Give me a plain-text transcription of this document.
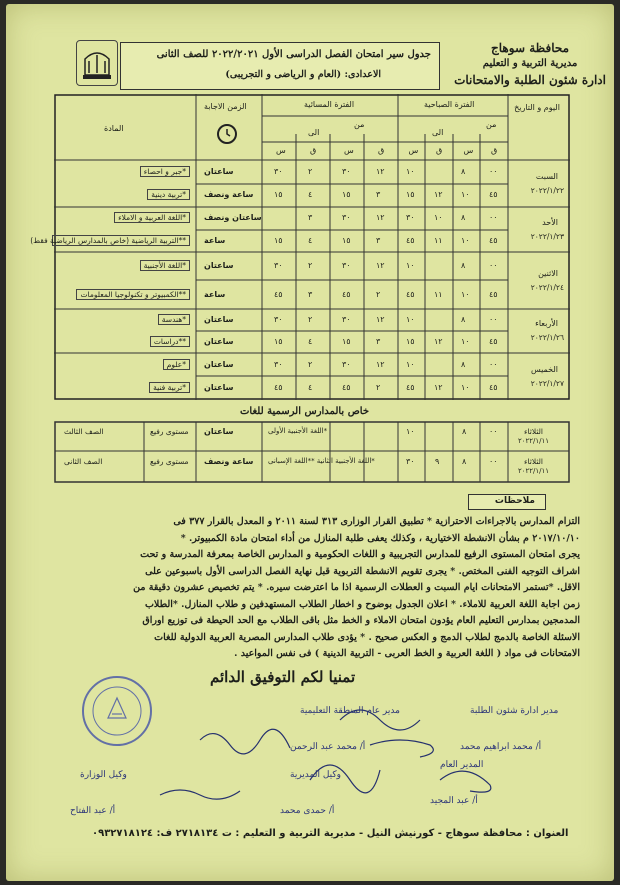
محافظة سوهاج
مديرية التربية و التعليم
ادارة شئون الطلبة والامتحانات
جدول سير امتحان الفصل الدراسى الأول ٢٠٢٢/٢٠٢١ للصف الثانى
الاعدادى: (العام و الرياضى و التجريبى)
اليوم و التاريخ
الفترة الصباحية
الفترة المسائية
الزمن الاجابة
المادة	من
الى
من
الى
ق
س
ق
س
ق
س
ق
س
السبت
٢٠٢٢/١/٢٢
٠٠
٨
١٠
١٢
٣٠
٢
٣٠
ساعتان
*جبر و احصاء
٤٥
١٠
١٢
١٥
٣
١٥
٤
١٥
ساعة ونصف
*تربية دينية
الأحد
٢٠٢٢/١/٢٣
٠٠
٨
١٠
٣٠
١٢
٣٠
٣
ساعتان ونصف
*اللغة العربية و الاملاء
٤٥
١٠
١١
٤٥
٣
١٥
٤
١٥
ساعة
**التربية الرياضية (خاص بالمدارس الرياضية فقط)
الاثنين
٢٠٢٢/١/٢٤
٠٠
٨
١٠
١٢
٣٠
٢
٣٠
ساعتان
*اللغة الأجنبية
٤٥
١٠
١١
٤٥
٢
٤٥
٣
٤٥
ساعة
**الكمبيوتر و تكنولوجيا المعلومات
الأربعاء
٢٠٢٢/١/٢٦
٠٠
٨
١٠
١٢
٣٠
٢
٣٠
ساعتان
*هندسة
٤٥
١٠
١٢
١٥
٣
١٥
٤
١٥
ساعتان
**دراسات
الخميس
٢٠٢٢/١/٢٧
٠٠
٨
١٠
١٢
٣٠
٢
٣٠
ساعتان
*علوم
٤٥
١٠
١٢
٤٥
٢
٤٥
٤
٤٥
ساعتان
*تربية فنية
خاص بالمدارس الرسمية للغات
الثلاثاء
٢٠٢٢/١/١١
٠٠
٨
١٠
ساعتان	*اللغة الأجنبية الأولى
مستوى رفيع
الصف الثالث
الثلاثاء
٢٠٢٢/١/١١
٠٠
٨
٩
٣٠
ساعة ونصف *اللغة الأجنبية الثانية **اللغة الإسبانى
مستوى رفيع
الصف الثانى
ملاحظات
التزام المدارس بالاجراءات الاحترازية * تطبيق القرار الوزارى ٣١٣ لسنة ٢٠١١ و المعدل بالقرار ٣٧٧ فى
٢٠١٧/١٠/١٠ م بشأن الانشطة الاختيارية ، وكذلك يعفى طلبة المنازل من أداء امتحان مادة الكمبيوتر. *
يجرى امتحان المستوى الرفيع للمدارس التجريبية و اللغات الحكومية و المدارس الخاصة بمعرفة المدرسة و تحت
اشراف التوجيه الفنى المختص. * يجرى تقويم الانشطة التربوية قبل نهاية الفصل الدراسى الأول باسبوعين على
الاقل. *تستمر الامتحانات ايام السبت و العطلات الرسمية اذا ما اعترضت سيره. * يتم تخصيص عشرون دقيقة من
زمن اجابة اللغة العربية للاملاء. * اعلان الجدول بوضوح و اخطار الطلاب المستهدفين و طلاب المنازل. *الطلاب
المدمجين بمدارس التعليم العام يؤدون امتحان الاملاء و الخط مثل باقى الطلاب مع الحد الحيطة فى توزيع اوراق
الاسئلة الخاصة بالدمج لطلاب الدمج و العكس صحيح . * يؤدى طلاب المدارس المصرية العربية الدولية للغات
الامتحانات فى مواد ( اللغة العربية و الخط العربى - التربية الدينية ) فى نفس المواعيد .
تمنيا لكم التوفيق الدائم
مدير عام المنطقة التعليمية
أ/ محمد عبد الرحمن
مدير ادارة شئون الطلبة
أ/ محمد ابراهيم محمد
وكيل الوزارة
أ/ عبد الفتاح
وكيل المديرية
أ/ حمدى محمد
المدير العام
أ/ عبد المجيد
العنوان : محافظة سوهاج - كورنيش النيل - مديرية التربية و التعليم : ت ٢٧١٨١٣٤ ف: ٠٩٣٢٧١٨١٢٤
